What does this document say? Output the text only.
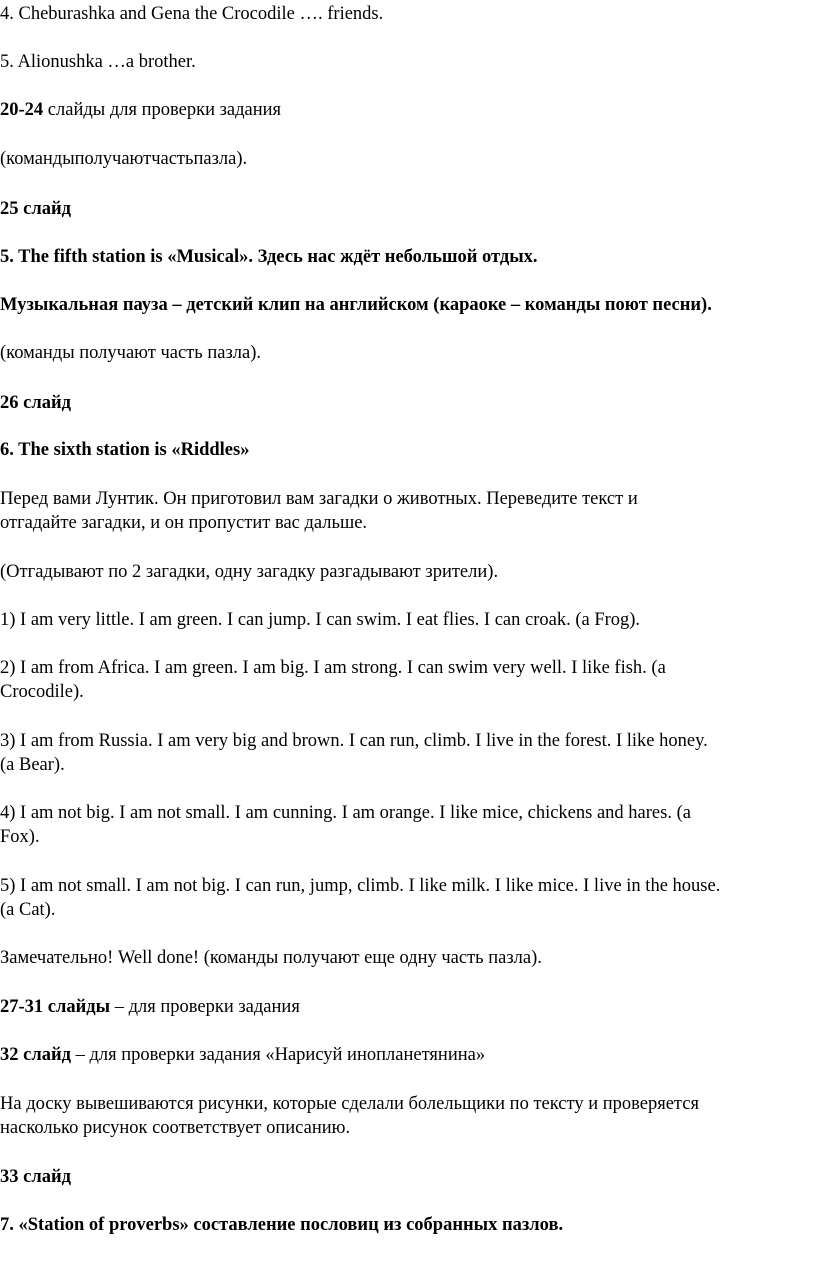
4. Cheburashka and Gena the Crocodile …. friends.

5. Alionushka …a brother.

20-24 слайды для проверки задания

(командыполучаютчастьпазла).

25 слайд

5. The fifth station is «Musical». Здесь нас ждёт небольшой отдых.

Музыкальная пауза – детский клип на английском (караоке – команды поют песни).

(команды получают часть пазла).

26 слайд

6. The sixth station is «Riddles»

Перед вами Лунтик. Он приготовил вам загадки о животных. Переведите текст и
отгадайте загадки, и он пропустит вас дальше.

(Отгадывают по 2 загадки, одну загадку разгадывают зрители).

1) I am very little. I am green. I can jump. I can swim. I eat flies. I can croak. (a Frog).

2) I am from Africa. I am green. I am big. I am strong. I can swim very well. I like fish. (a
Crocodile).

3) I am from Russia. I am very big and brown. I can run, climb. I live in the forest. I like honey.
(a Bear).

4) I am not big. I am not small. I am cunning. I am orange. I like mice, chickens and hares. (a
Fox).

5) I am not small. I am not big. I can run, jump, climb. I like milk. I like mice. I live in the house.
(a Cat).

Замечательно! Well done! (команды получают еще одну часть пазла).

27-31 слайды – для проверки задания

32 слайд – для проверки задания «Нарисуй инопланетянина»

На доску вывешиваются рисунки, которые сделали болельщики по тексту и проверяется
насколько рисунок соответствует описанию.

33 слайд

7. «Station of proverbs» составление пословиц из собранных пазлов.
